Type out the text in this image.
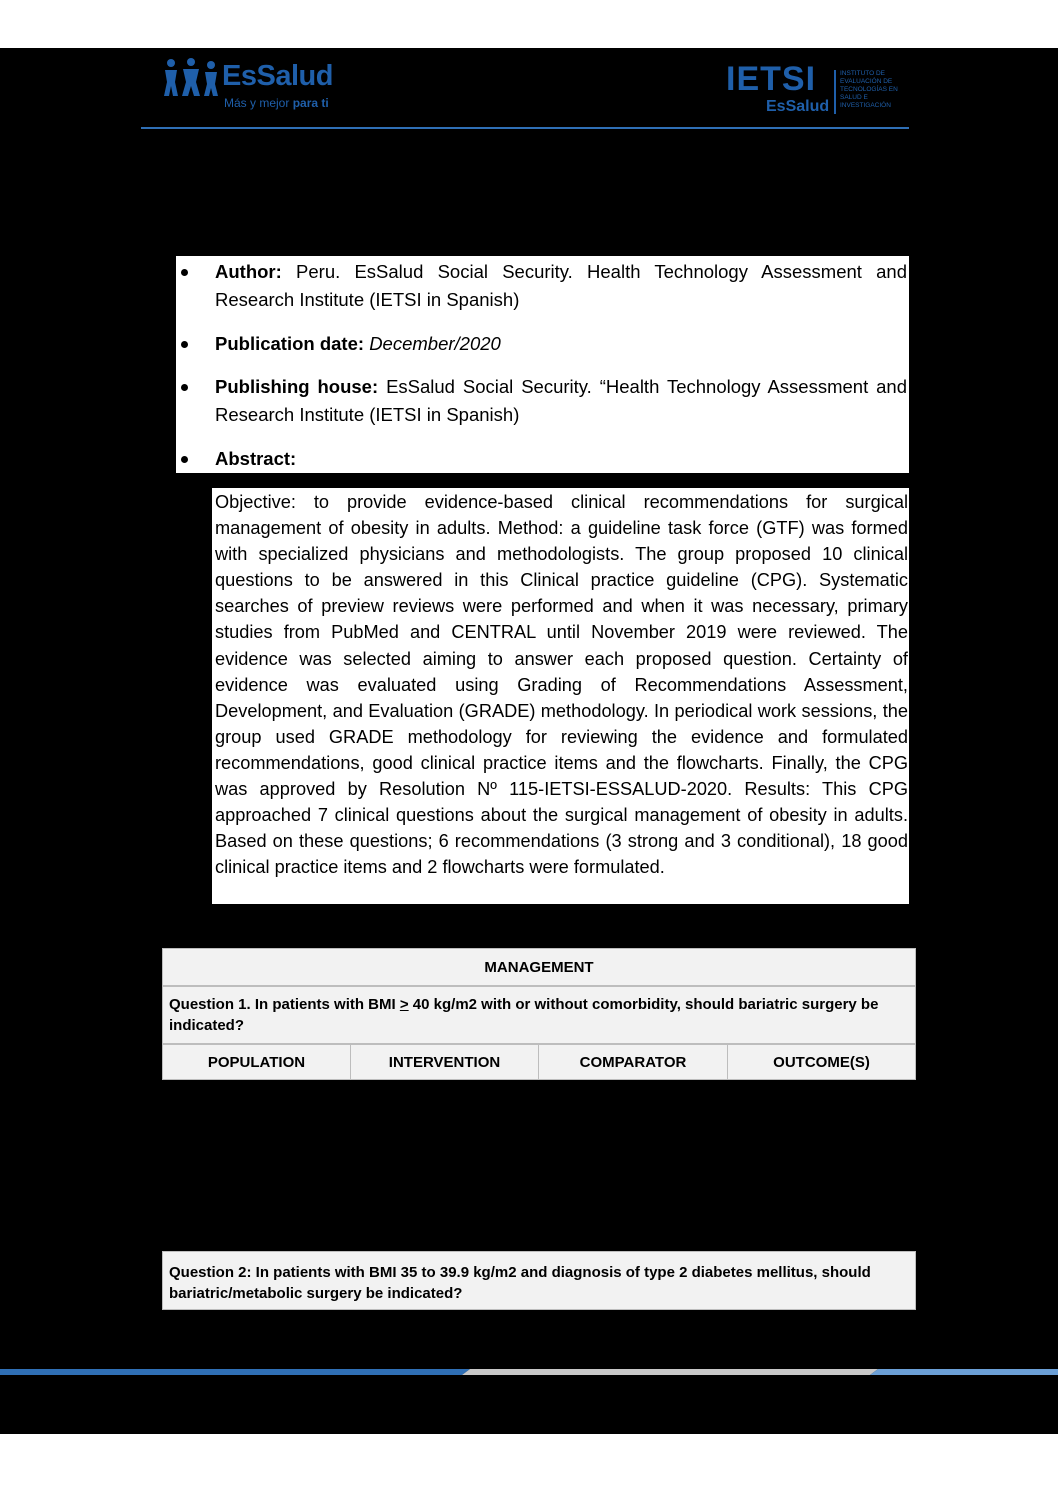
EsSalud
Más y mejor para ti
IETSI
EsSalud
INSTITUTO DE EVALUACIÓN DE TECNOLOGÍAS EN SALUD E INVESTIGACIÓN
Author: Peru. EsSalud Social Security. Health Technology Assessment and Research Institute (IETSI in Spanish)
Publication date: December/2020
Publishing house: EsSalud Social Security. “Health Technology Assessment and Research Institute (IETSI in Spanish)
Abstract:

Objective: to provide evidence-based clinical recommendations for surgical management of obesity in adults. Method: a guideline task force (GTF) was formed with specialized physicians and methodologists. The group proposed 10 clinical questions to be answered in this Clinical practice guideline (CPG). Systematic searches of preview reviews were performed and when it was necessary, primary studies from PubMed and CENTRAL until November 2019 were reviewed. The evidence was selected aiming to answer each proposed question. Certainty of evidence was evaluated using Grading of Recommendations Assessment, Development, and Evaluation (GRADE) methodology. In periodical work sessions, the group used GRADE methodology for reviewing the evidence and formulated recommendations, good clinical practice items and the flowcharts. Finally, the CPG was approved by Resolution Nº 115-IETSI-ESSALUD-2020. Results: This CPG approached 7 clinical questions about the surgical management of obesity in adults. Based on these questions; 6 recommendations (3 strong and 3 conditional), 18 good clinical practice items and 2 flowcharts were formulated.

MANAGEMENT
Question 1. In patients with BMI > 40 kg/m2 with or without comorbidity, should bariatric surgery be indicated?
POPULATION	INTERVENTION	COMPARATOR	OUTCOME(S)
Question 2: In patients with BMI 35 to 39.9 kg/m2 and diagnosis of type 2 diabetes mellitus, should bariatric/metabolic surgery be indicated?
